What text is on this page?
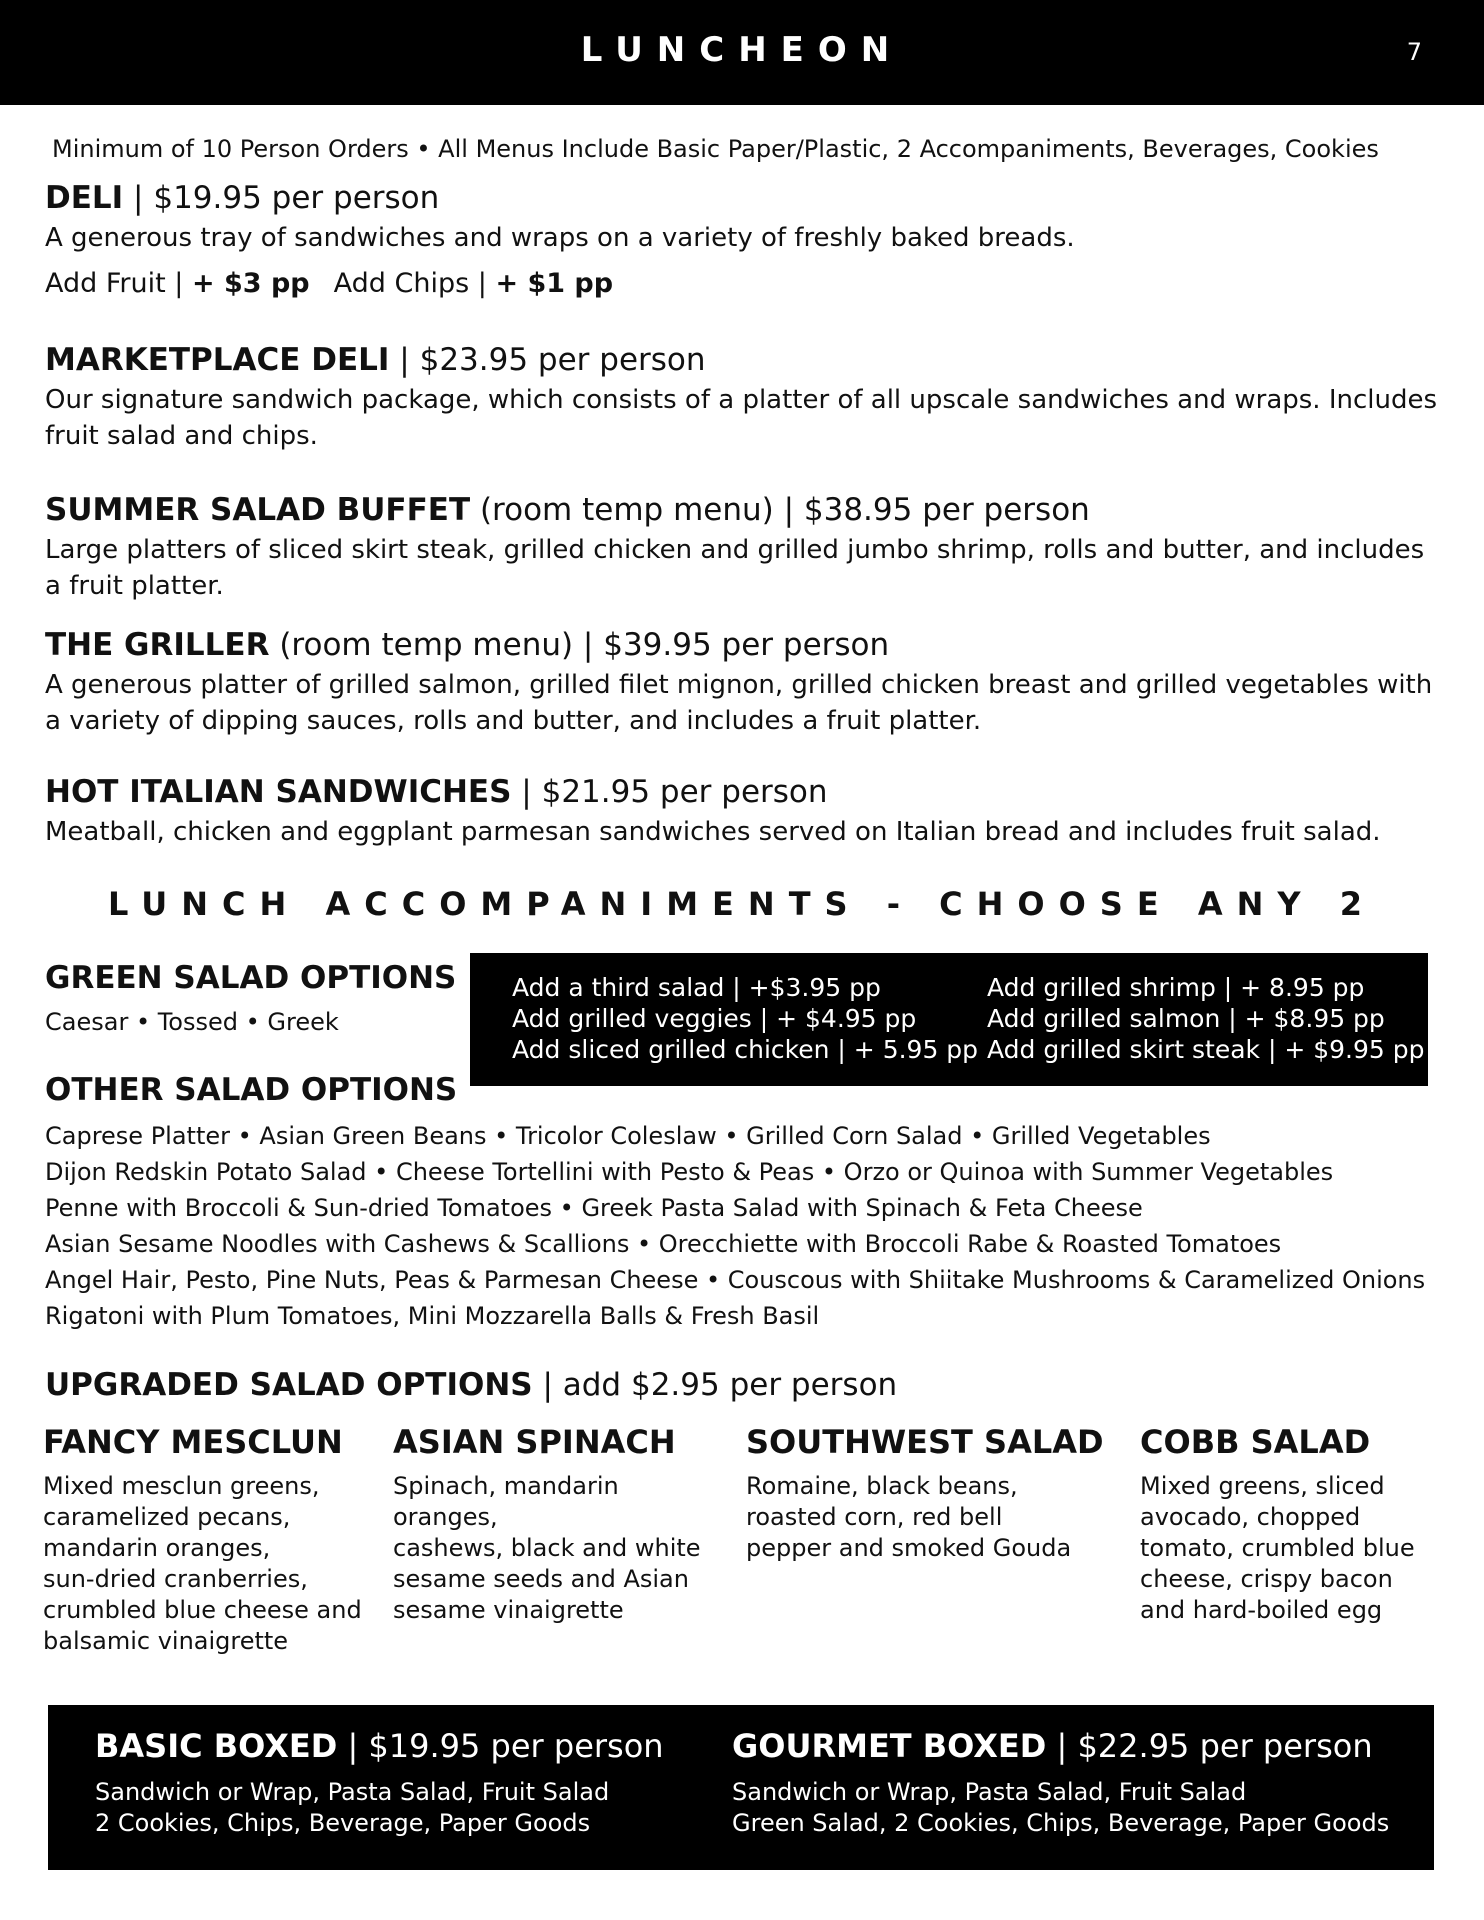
LUNCHEON	7
Minimum of 10 Person Orders • All Menus Include Basic Paper/Plastic, 2 Accompaniments, Beverages, Cookies
DELI | $19.95 per person
A generous tray of sandwiches and wraps on a variety of freshly baked breads.
Add Fruit | + $3 pp Add Chips | + $1 pp
MARKETPLACE DELI | $23.95 per person
Our signature sandwich package, which consists of a platter of all upscale sandwiches and wraps. Includes fruit salad and chips.
SUMMER SALAD BUFFET (room temp menu) | $38.95 per person
Large platters of sliced skirt steak, grilled chicken and grilled jumbo shrimp, rolls and butter, and includes a fruit platter.
THE GRILLER (room temp menu) | $39.95 per person
A generous platter of grilled salmon, grilled filet mignon, grilled chicken breast and grilled vegetables with a variety of dipping sauces, rolls and butter, and includes a fruit platter.
HOT ITALIAN SANDWICHES | $21.95 per person
Meatball, chicken and eggplant parmesan sandwiches served on Italian bread and includes fruit salad.
LUNCH ACCOMPANIMENTS - CHOOSE ANY 2
GREEN SALAD OPTIONS
Caesar • Tossed • Greek
Add a third salad | +$3.95 pp
Add grilled veggies | + $4.95 pp
Add sliced grilled chicken | + 5.95 pp
Add grilled shrimp | + 8.95 pp
Add grilled salmon | + $8.95 pp
Add grilled skirt steak | + $9.95 pp
OTHER SALAD OPTIONS
Caprese Platter • Asian Green Beans • Tricolor Coleslaw • Grilled Corn Salad • Grilled Vegetables
Dijon Redskin Potato Salad • Cheese Tortellini with Pesto & Peas • Orzo or Quinoa with Summer Vegetables
Penne with Broccoli & Sun-dried Tomatoes • Greek Pasta Salad with Spinach & Feta Cheese
Asian Sesame Noodles with Cashews & Scallions • Orecchiette with Broccoli Rabe & Roasted Tomatoes
Angel Hair, Pesto, Pine Nuts, Peas & Parmesan Cheese • Couscous with Shiitake Mushrooms & Caramelized Onions
Rigatoni with Plum Tomatoes, Mini Mozzarella Balls & Fresh Basil
UPGRADED SALAD OPTIONS | add $2.95 per person
FANCY MESCLUN
Mixed mesclun greens,
caramelized pecans,
mandarin oranges,
sun-dried cranberries,
crumbled blue cheese and
balsamic vinaigrette
ASIAN SPINACH
Spinach, mandarin oranges,
cashews, black and white
sesame seeds and Asian
sesame vinaigrette
SOUTHWEST SALAD
Romaine, black beans,
roasted corn, red bell
pepper and smoked Gouda
COBB SALAD
Mixed greens, sliced
avocado, chopped
tomato, crumbled blue
cheese, crispy bacon
and hard-boiled egg
BASIC BOXED | $19.95 per person
Sandwich or Wrap, Pasta Salad, Fruit Salad
2 Cookies, Chips, Beverage, Paper Goods
GOURMET BOXED | $22.95 per person
Sandwich or Wrap, Pasta Salad, Fruit Salad
Green Salad, 2 Cookies, Chips, Beverage, Paper Goods
